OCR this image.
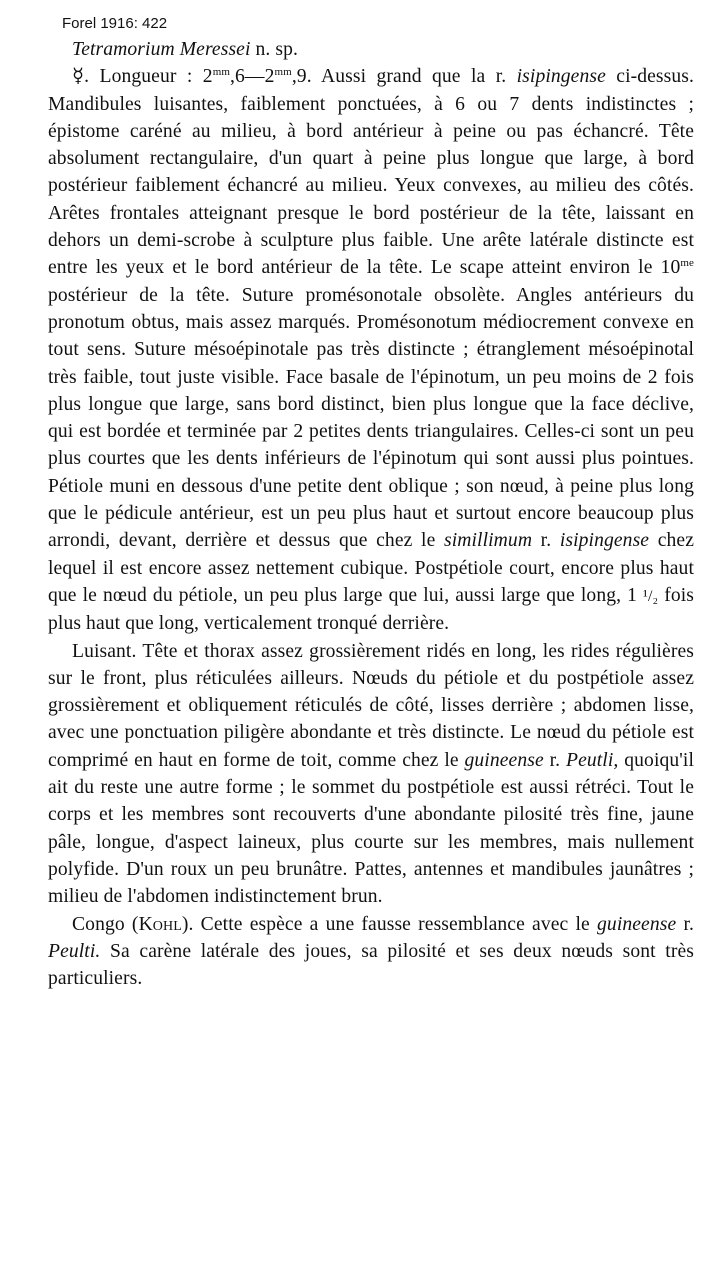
Forel 1916: 422

Tetramorium Meressei n. sp.

☿. Longueur : $2^{mm},6—2^{mm},9$. Aussi grand que la r. isipingense ci-dessus. Mandibules luisantes, faiblement ponctuées, à 6 ou 7 dents indistinctes ; épistome caréné au milieu, à bord antérieur à peine ou pas échancré. Tête absolument rectangulaire, d'un quart à peine plus longue que large, à bord postérieur faiblement échancré au milieu. Yeux convexes, au milieu des côtés. Arêtes frontales atteignant presque le bord postérieur de la tête, laissant en dehors un demi-scrobe à sculpture plus faible. Une arête latérale distincte est entre les yeux et le bord antérieur de la tête. Le scape atteint environ le $10^{me}$ postérieur de la tête. Suture promésonotale obsolète. Angles antérieurs du pronotum obtus, mais assez marqués. Promésonotum médiocrement convexe en tout sens. Suture mésoépinotale pas très distincte ; étranglement mésoépinotal très faible, tout juste visible. Face basale de l'épinotum, un peu moins de 2 fois plus longue que large, sans bord distinct, bien plus longue que la face déclive, qui est bordée et terminée par 2 petites dents triangulaires. Celles-ci sont un peu plus courtes que les dents inférieurs de l'épinotum qui sont aussi plus pointues. Pétiole muni en dessous d'une petite dent oblique ; son nœud, à peine plus long que le pédicule antérieur, est un peu plus haut et surtout encore beaucoup plus arrondi, devant, derrière et dessus que chez le simillimum r. isipingense chez lequel il est encore assez nettement cubique. Postpétiole court, encore plus haut que le nœud du pétiole, un peu plus large que lui, aussi large que long, 1 ¹/₂ fois plus haut que long, verticalement tronqué derrière.

Luisant. Tête et thorax assez grossièrement ridés en long, les rides régulières sur le front, plus réticulées ailleurs. Nœuds du pétiole et du postpétiole assez grossièrement et obliquement réticulés de côté, lisses derrière ; abdomen lisse, avec une ponctuation piligère abondante et très distincte. Le nœud du pétiole est comprimé en haut en forme de toit, comme chez le guineense r. Peutli, quoiqu'il ait du reste une autre forme ; le sommet du postpétiole est aussi rétréci. Tout le corps et les membres sont recouverts d'une abondante pilosité très fine, jaune pâle, longue, d'aspect laineux, plus courte sur les membres, mais nullement polyfide. D'un roux un peu brunâtre. Pattes, antennes et mandibules jaunâtres ; milieu de l'abdomen indistinctement brun.

Congo (Kohl). Cette espèce a une fausse ressemblance avec le guineense r. Peulti. Sa carène latérale des joues, sa pilosité et ses deux nœuds sont très particuliers.
